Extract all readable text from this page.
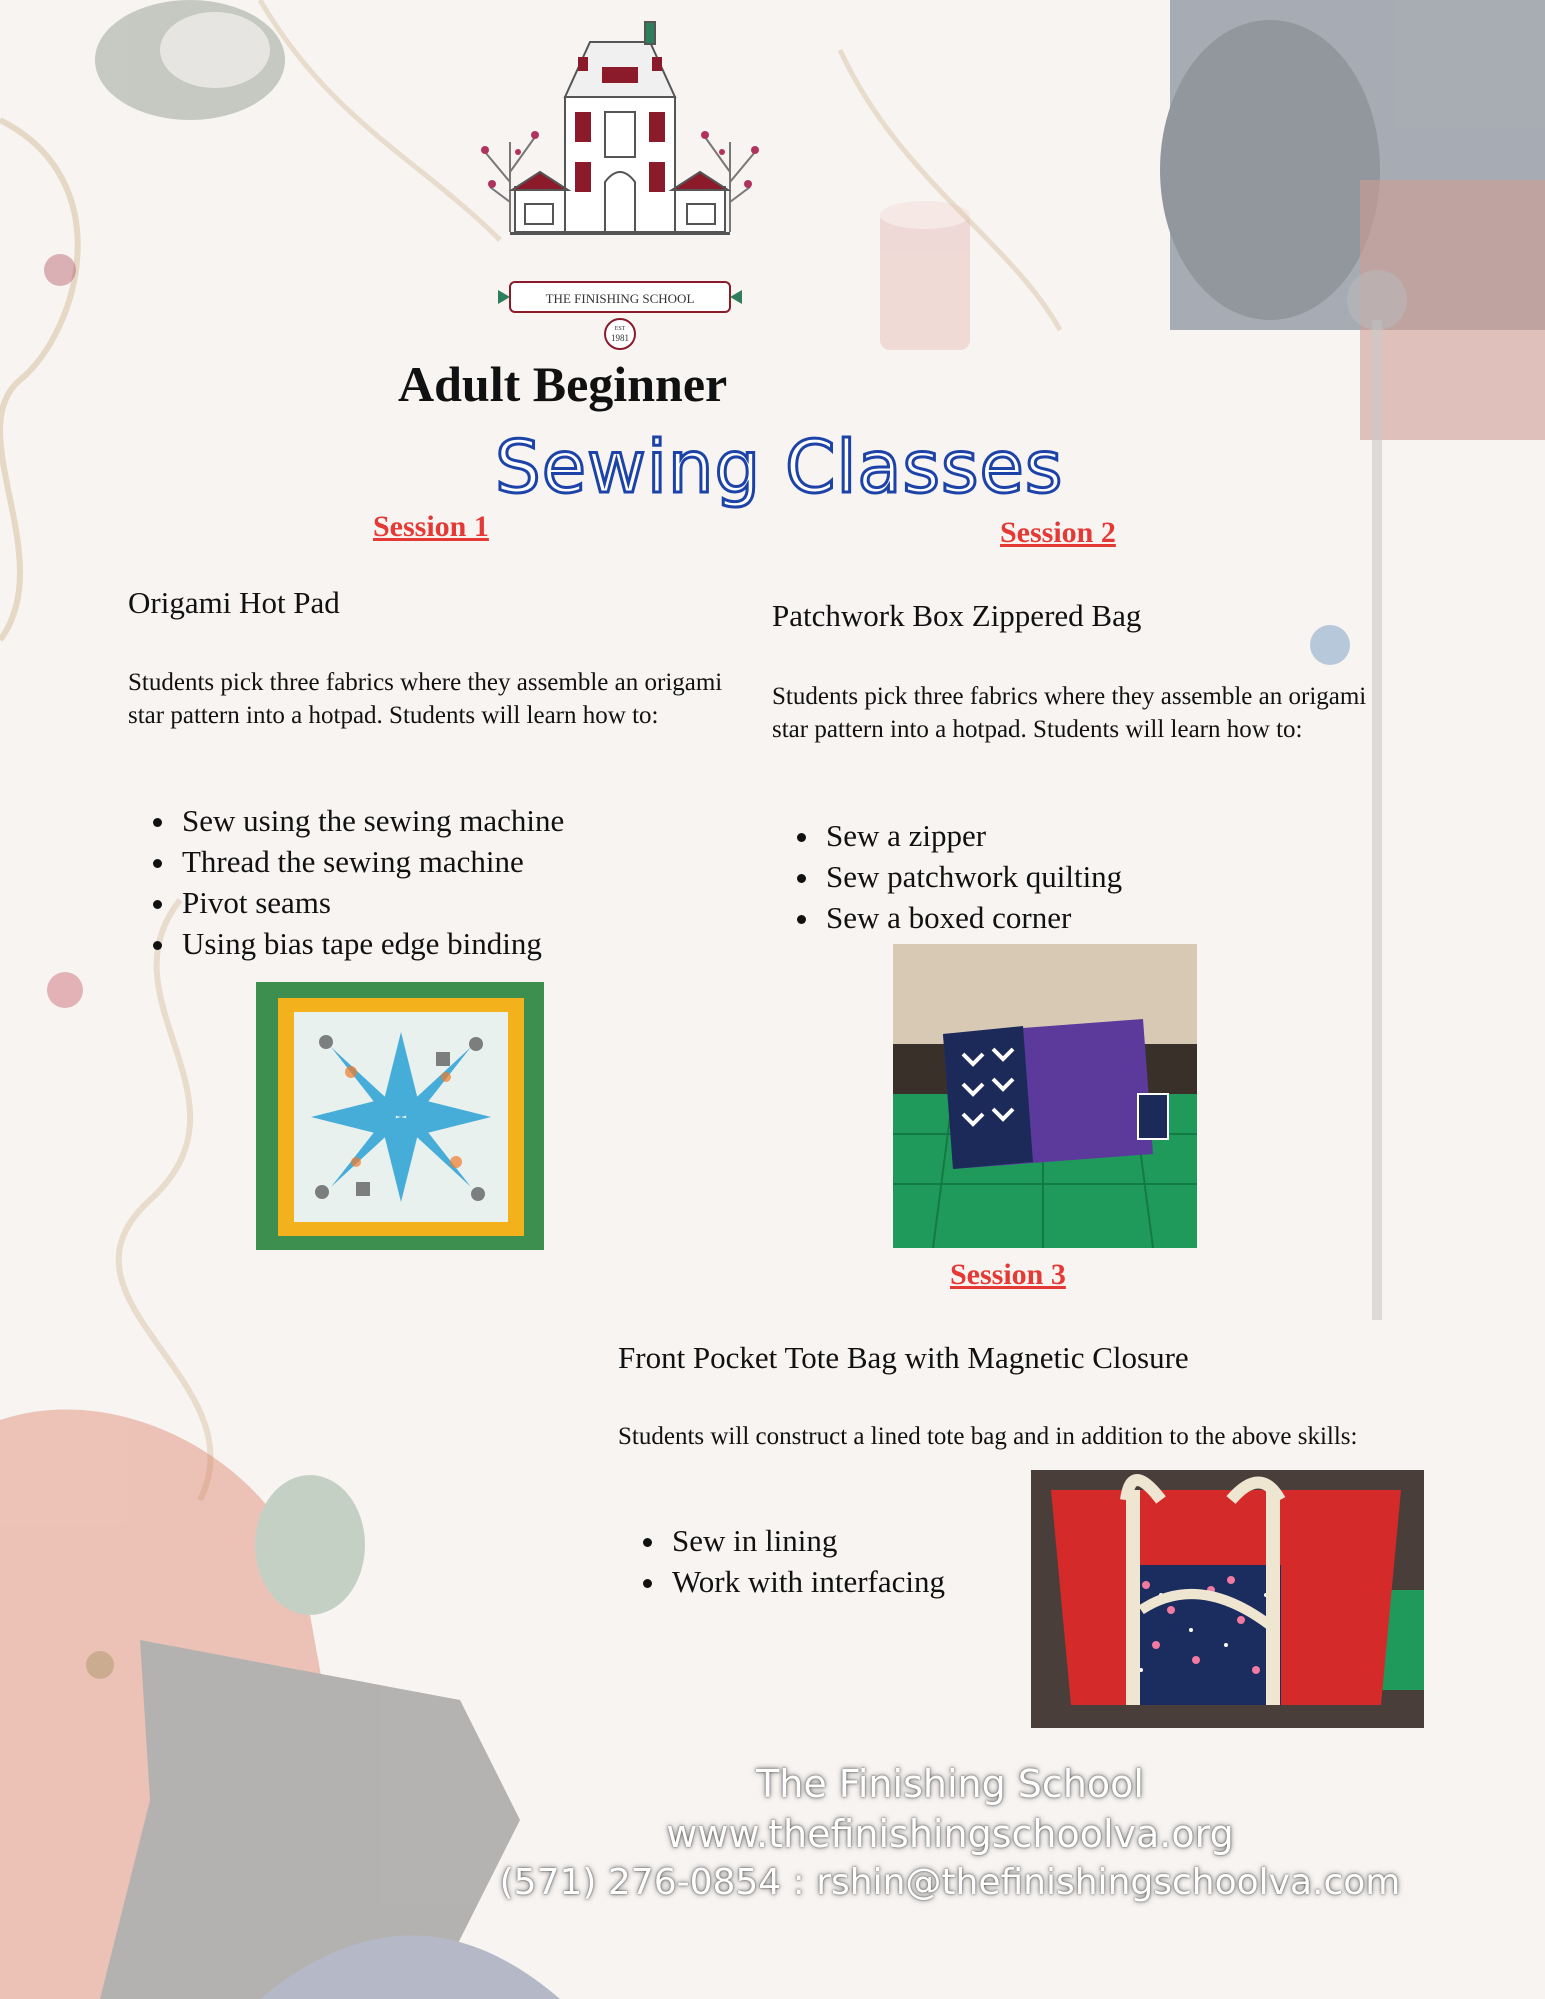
THE FINISHING SCHOOL
EST
1981
Adult Beginner
Sewing Classes
Session 1
Origami Hot Pad
Students pick three fabrics where they assemble an origami star pattern into a hotpad. Students will learn how to:
• Sew using the sewing machine
• Thread the sewing machine
• Pivot seams
• Using bias tape edge binding
Session 2
Patchwork Box Zippered Bag
Students pick three fabrics where they assemble an origami star pattern into a hotpad. Students will learn how to:
• Sew a zipper
• Sew patchwork quilting
• Sew a boxed corner
Session 3
Front Pocket Tote Bag with Magnetic Closure
Students will construct a lined tote bag and in addition to the above skills:
• Sew in lining
• Work with interfacing
The Finishing School
www.thefinishingschoolva.org
(571) 276-0854 : rshin@thefinishingschoolva.com
